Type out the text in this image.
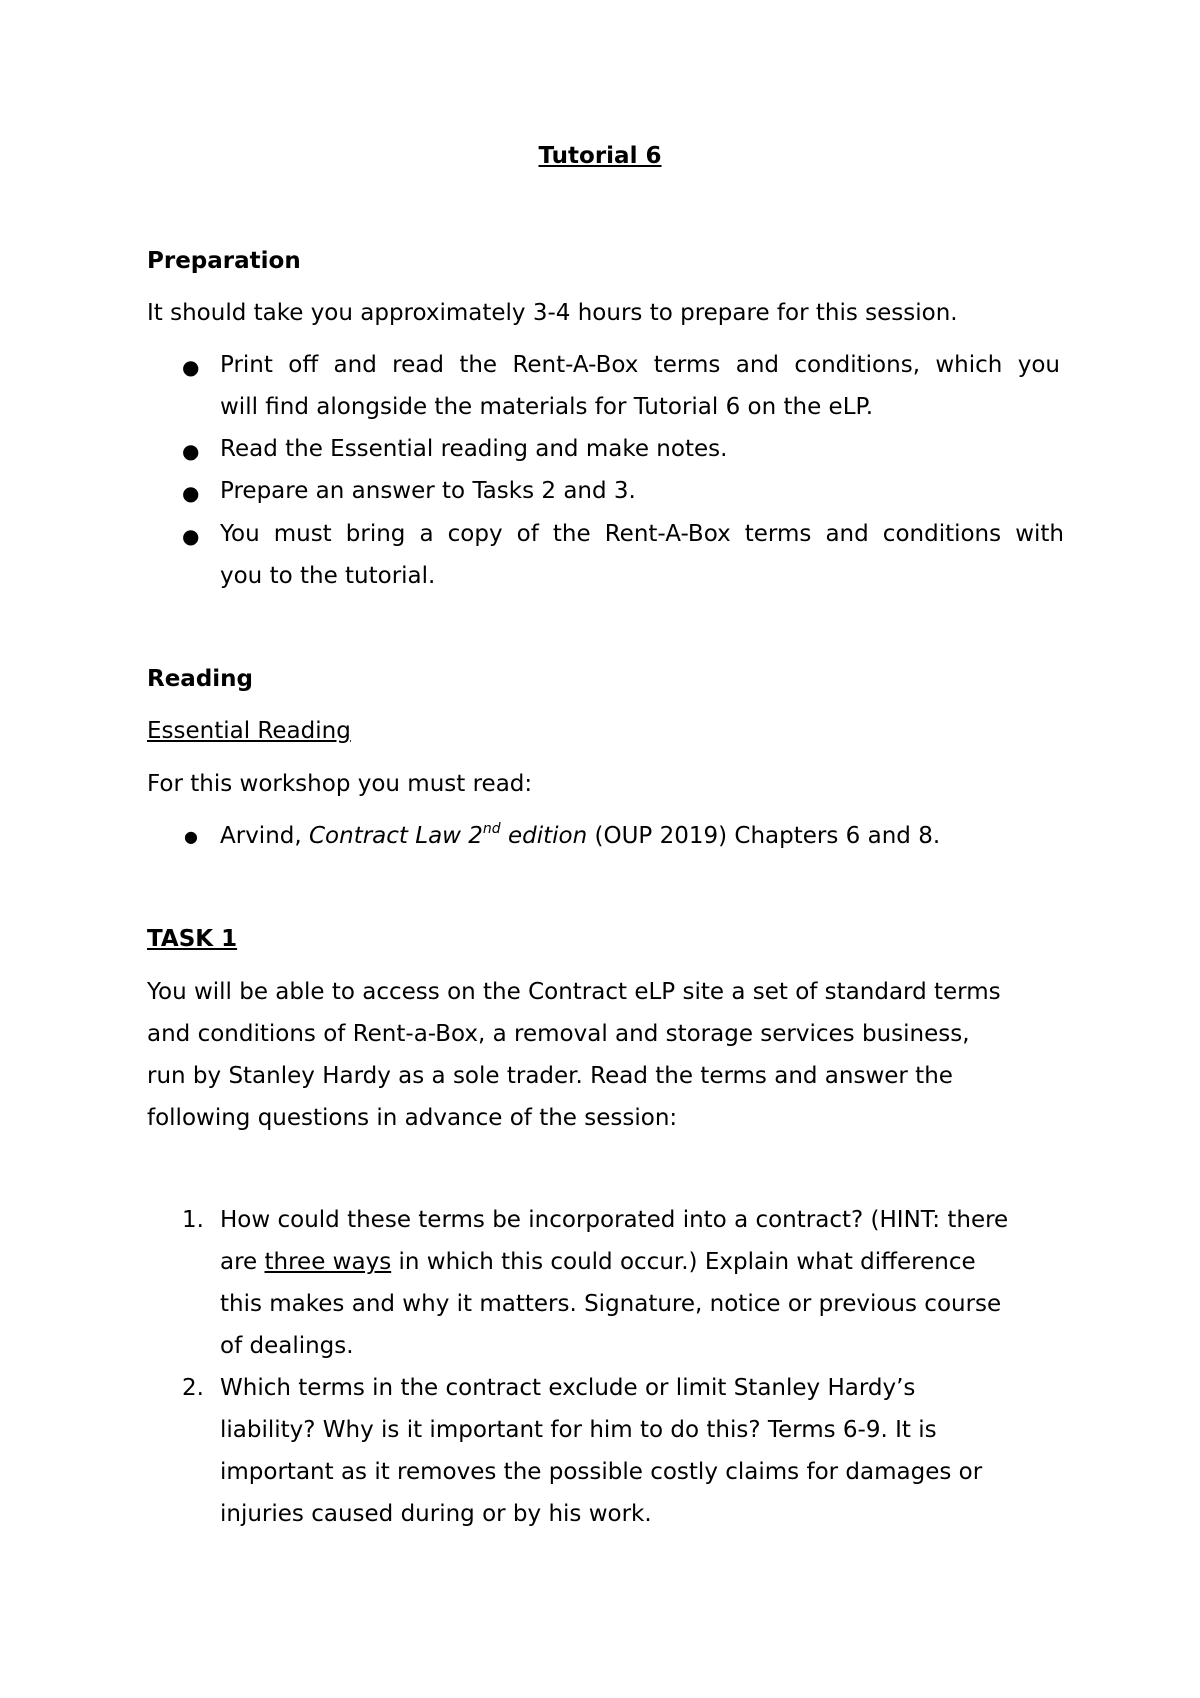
Tutorial 6

Preparation

It should take you approximately 3-4 hours to prepare for this session.

● Print off and read the Rent-A-Box terms and conditions, which you

will find alongside the materials for Tutorial 6 on the eLP.

● Read the Essential reading and make notes.

● Prepare an answer to Tasks 2 and 3.

● You must bring a copy of the Rent-A-Box terms and conditions with

you to the tutorial.

Reading

Essential Reading

For this workshop you must read:

● Arvind, Contract Law 2nd edition (OUP 2019) Chapters 6 and 8.

TASK 1

You will be able to access on the Contract eLP site a set of standard terms

and conditions of Rent-a-Box, a removal and storage services business,

run by Stanley Hardy as a sole trader. Read the terms and answer the

following questions in advance of the session:

1. How could these terms be incorporated into a contract? (HINT: there

are three ways in which this could occur.) Explain what difference

this makes and why it matters. Signature, notice or previous course

of dealings.

2. Which terms in the contract exclude or limit Stanley Hardy’s

liability? Why is it important for him to do this? Terms 6-9. It is

important as it removes the possible costly claims for damages or

injuries caused during or by his work.
